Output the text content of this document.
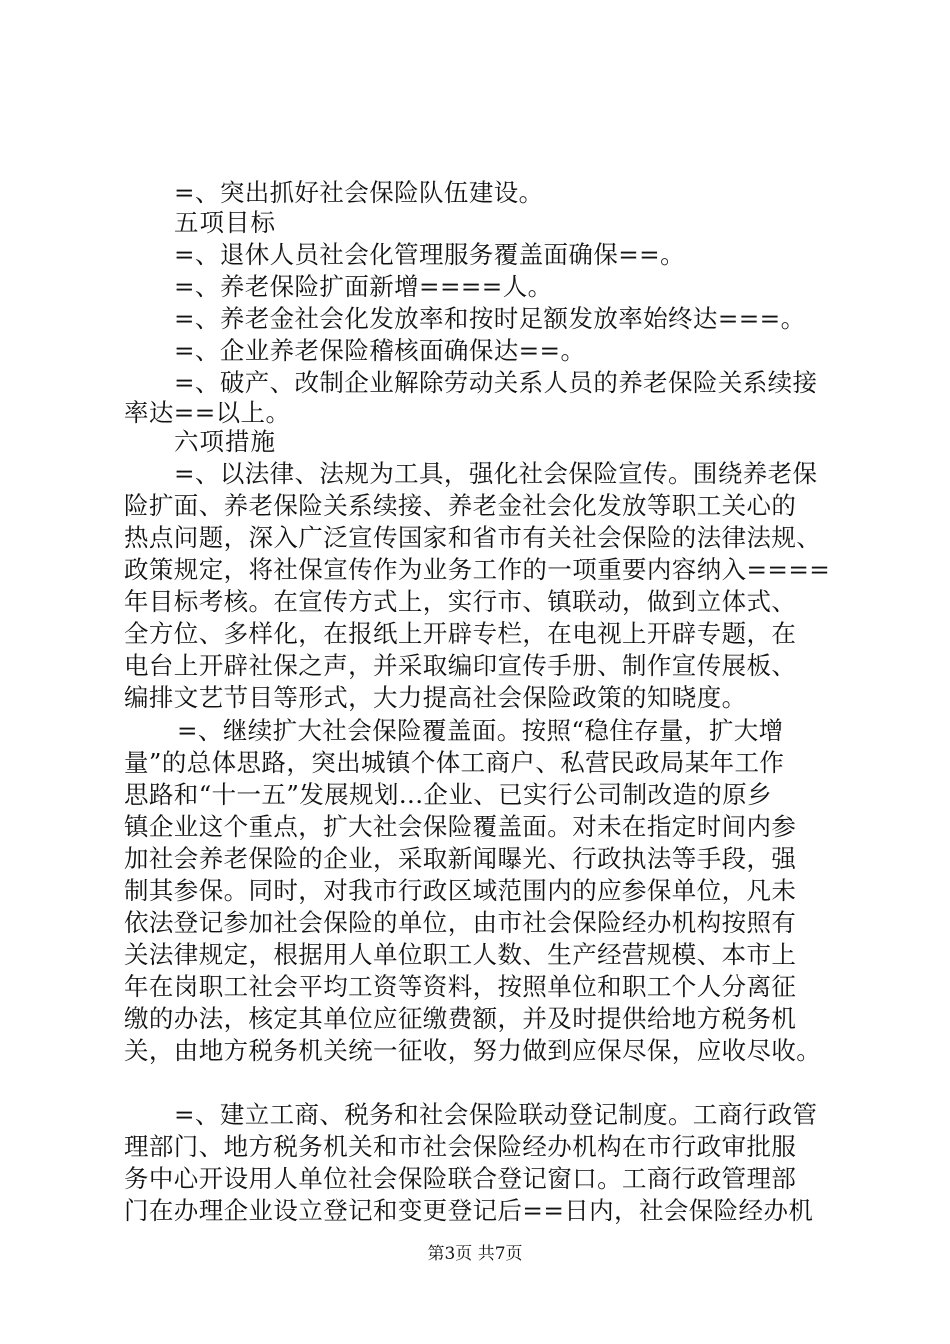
=、突出抓好社会保险队伍建设。
五项目标
=、退休人员社会化管理服务覆盖面确保==。
=、养老保险扩面新增====人。
=、养老金社会化发放率和按时足额发放率始终达===。
=、企业养老保险稽核面确保达==。
=、破产、改制企业解除劳动关系人员的养老保险关系续接
率达==以上。
六项措施
=、以法律、法规为工具，强化社会保险宣传。围绕养老保
险扩面、养老保险关系续接、养老金社会化发放等职工关心的
热点问题，深入广泛宣传国家和省市有关社会保险的法律法规、
政策规定，将社保宣传作为业务工作的一项重要内容纳入====
年目标考核。在宣传方式上，实行市、镇联动，做到立体式、
全方位、多样化，在报纸上开辟专栏，在电视上开辟专题，在
电台上开辟社保之声，并采取编印宣传手册、制作宣传展板、
编排文艺节目等形式，大力提高社会保险政策的知晓度。
=、继续扩大社会保险覆盖面。按照“稳住存量，扩大增
量”的总体思路，突出城镇个体工商户、私营民政局某年工作
思路和“十一五”发展规划...企业、已实行公司制改造的原乡
镇企业这个重点，扩大社会保险覆盖面。对未在指定时间内参
加社会养老保险的企业，采取新闻曝光、行政执法等手段，强
制其参保。同时，对我市行政区域范围内的应参保单位，凡未
依法登记参加社会保险的单位，由市社会保险经办机构按照有
关法律规定，根据用人单位职工人数、生产经营规模、本市上
年在岗职工社会平均工资等资料，按照单位和职工个人分离征
缴的办法，核定其单位应征缴费额，并及时提供给地方税务机
关，由地方税务机关统一征收，努力做到应保尽保，应收尽收。
=、建立工商、税务和社会保险联动登记制度。工商行政管
理部门、地方税务机关和市社会保险经办机构在市行政审批服
务中心开设用人单位社会保险联合登记窗口。工商行政管理部
门在办理企业设立登记和变更登记后==日内，社会保险经办机
第3页 共7页
